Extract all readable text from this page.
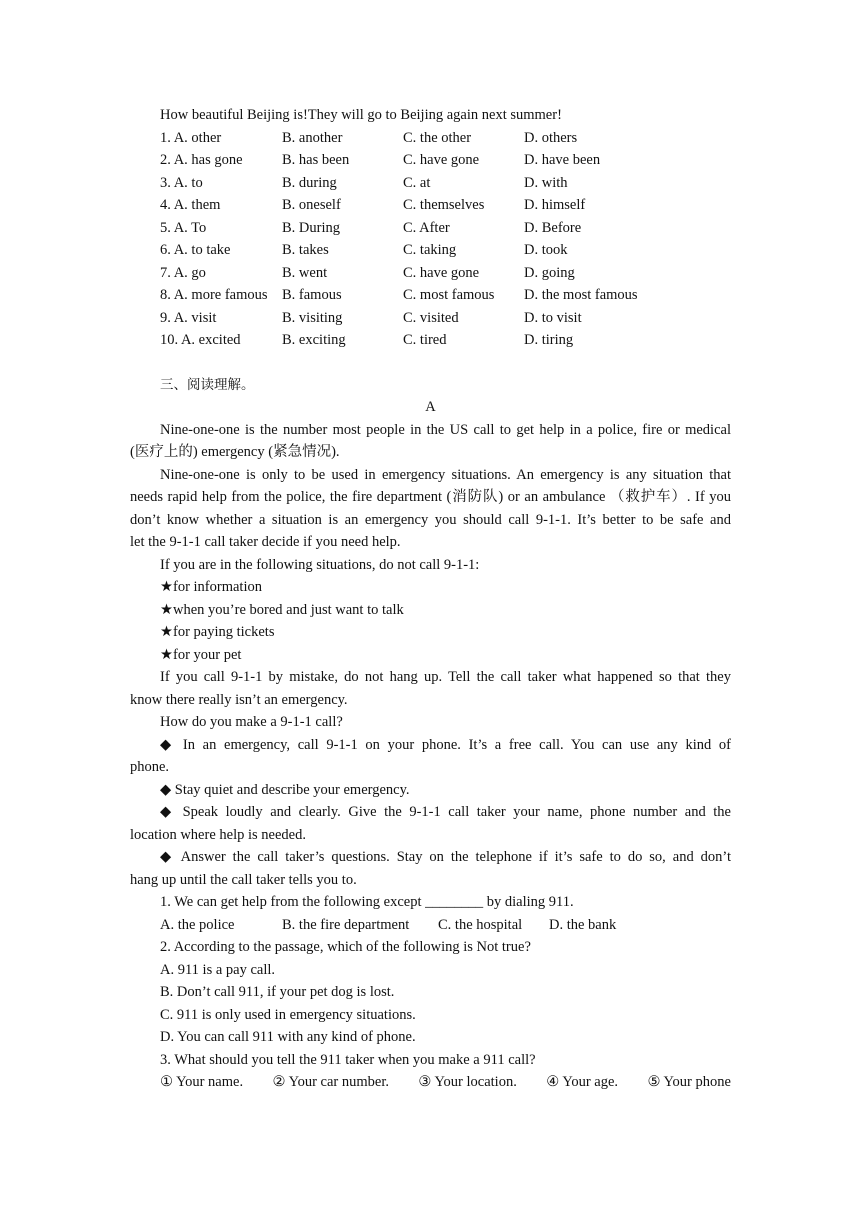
How beautiful Beijing is!They will go to Beijing again next summer!
1. A. other	B. another	C. the other	D. others
2. A. has gone	B. has been	C. have gone	D. have been
3. A. to	B. during	C. at	D. with
4. A. them	B. oneself	C. themselves	D. himself
5. A. To	B. During	C. After	D. Before
6. A. to take	B. takes	C. taking	D. took
7. A. go	B. went	C. have gone	D. going
8. A. more famous B. famous	C. most famous	D. the most famous
9. A. visit	B. visiting	C. visited	D. to visit
10. A. excited	B. exciting	C. tired	D. tiring
三、阅读理解。
A
Nine-one-one is the number most people in the US call to get help in a police, fire or medical
(医疗上的) emergency (紧急情况).
Nine-one-one is only to be used in emergency situations. An emergency is any situation that
needs rapid help from the police, the fire department (消防队) or an ambulance （救护车）. If you
don’t know whether a situation is an emergency you should call 9-1-1. It’s better to be safe and
let the 9-1-1 call taker decide if you need help.
If you are in the following situations, do not call 9-1-1:
★for information
★when you’re bored and just want to talk
★for paying tickets
★for your pet
If you call 9-1-1 by mistake, do not hang up. Tell the call taker what happened so that they
know there really isn’t an emergency.
How do you make a 9-1-1 call?
◆ In an emergency, call 9-1-1 on your phone. It’s a free call. You can use any kind of
phone.
◆ Stay quiet and describe your emergency.
◆ Speak loudly and clearly. Give the 9-1-1 call taker your name, phone number and the
location where help is needed.
◆ Answer the call taker’s questions. Stay on the telephone if it’s safe to do so, and don’t
hang up until the call taker tells you to.
1. We can get help from the following except ________ by dialing 911.
A. the police	B. the fire department	C. the hospital	D. the bank
2. According to the passage, which of the following is Not true?
A. 911 is a pay call.
B. Don’t call 911, if your pet dog is lost.
C. 911 is only used in emergency situations.
D. You can call 911 with any kind of phone.
3. What should you tell the 911 taker when you make a 911 call?
① Your name. ② Your car number. ③ Your location. ④ Your age. ⑤ Your phone
